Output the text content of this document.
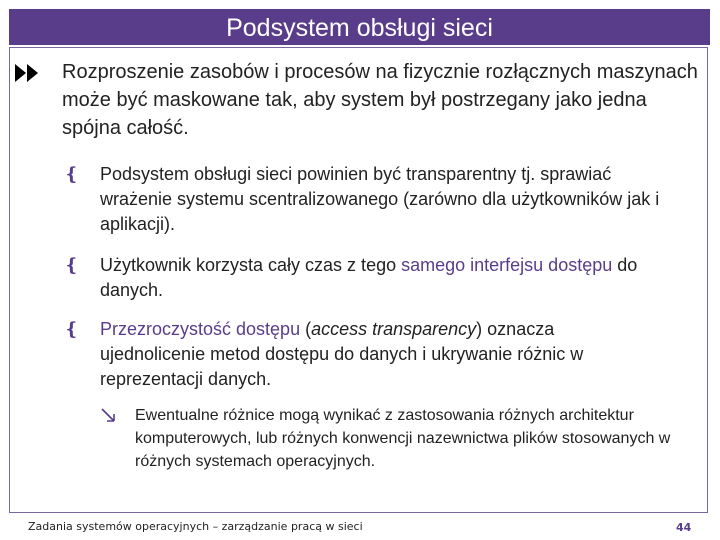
Podsystem obsługi sieci
Rozproszenie zasobów i procesów na fizycznie rozłącznych maszynach może być maskowane tak, aby system był postrzegany jako jedna spójna całość.
❴ Podsystem obsługi sieci powinien być transparentny tj. sprawiać wrażenie systemu scentralizowanego (zarówno dla użytkowników jak i aplikacji).
❴ Użytkownik korzysta cały czas z tego samego interfejsu dostępu do danych.
❴ Przezroczystość dostępu (access transparency) oznacza ujednolicenie metod dostępu do danych i ukrywanie różnic w reprezentacji danych.
Ewentualne różnice mogą wynikać z zastosowania różnych architektur komputerowych, lub różnych konwencji nazewnictwa plików stosowanych w różnych systemach operacyjnych.
Zadania systemów operacyjnych – zarządzanie pracą w sieci	44
